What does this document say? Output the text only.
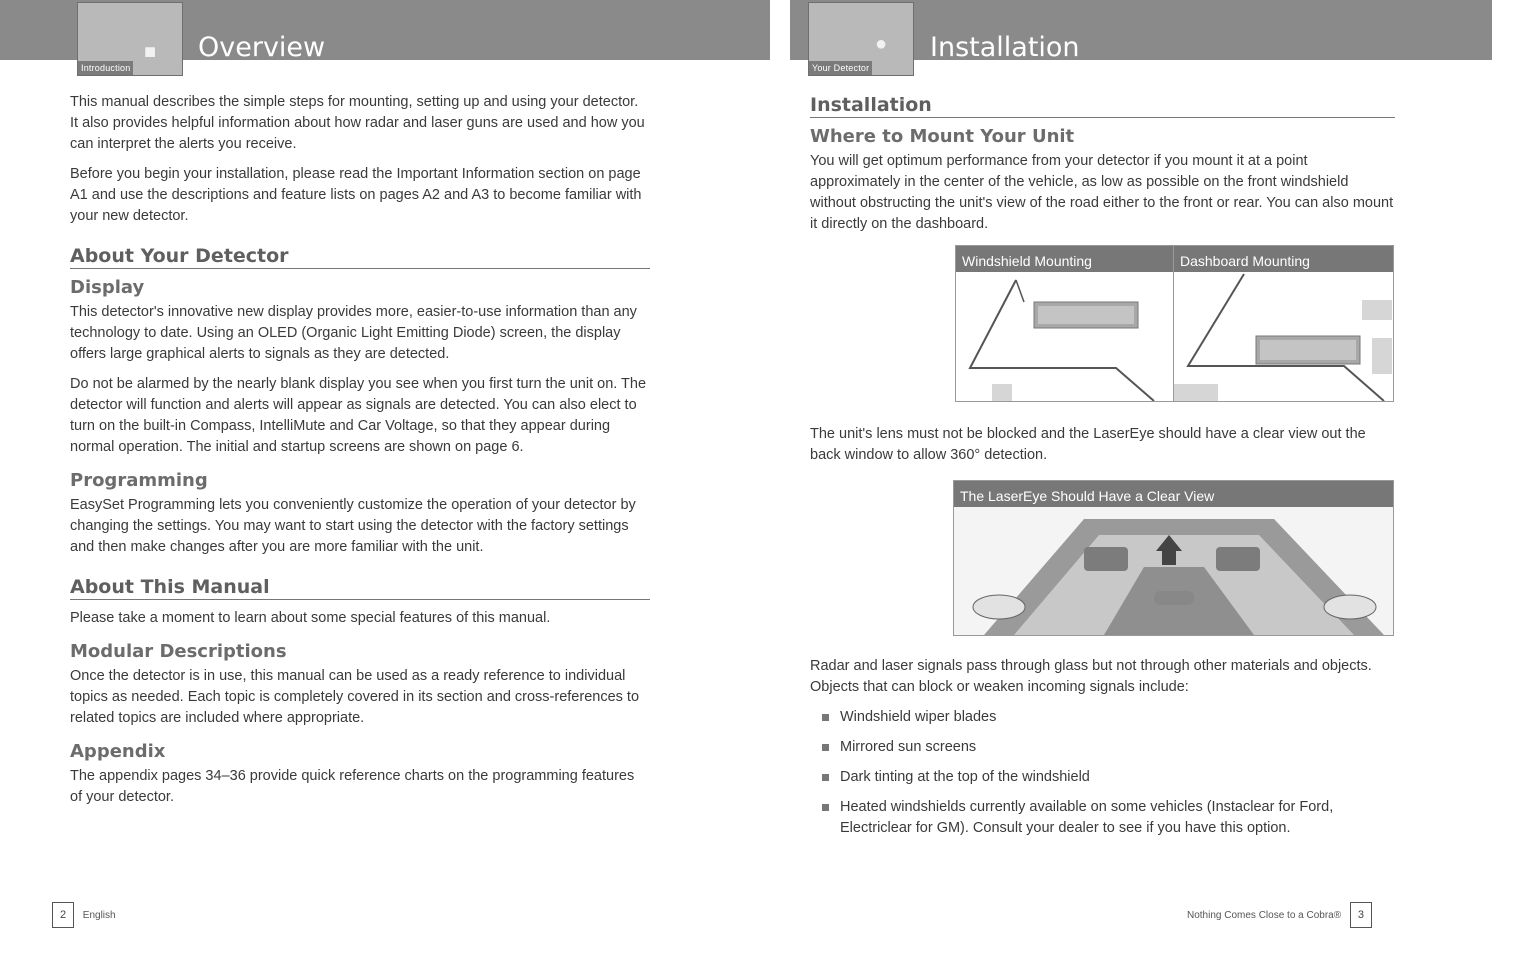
■
Introduction
Overview	●
Your Detector
Installation

This manual describes the simple steps for mounting, setting up and using your detector. It also provides helpful information about how radar and laser guns are used and how you can interpret the alerts you receive.

Before you begin your installation, please read the Important Information section on page A1 and use the descriptions and feature lists on pages A2 and A3 to become familiar with your new detector.

About Your Detector
Display

This detector's innovative new display provides more, easier-to-use information than any technology to date. Using an OLED (Organic Light Emitting Diode) screen, the display offers large graphical alerts to signals as they are detected.

Do not be alarmed by the nearly blank display you see when you first turn the unit on. The detector will function and alerts will appear as signals are detected. You can also elect to turn on the built-in Compass, IntelliMute and Car Voltage, so that they appear during normal operation. The initial and startup screens are shown on page 6.

Programming

EasySet Programming lets you conveniently customize the operation of your detector by changing the settings. You may want to start using the detector with the factory settings and then make changes after you are more familiar with the unit.

About This Manual

Please take a moment to learn about some special features of this manual.

Modular Descriptions

Once the detector is in use, this manual can be used as a ready reference to individual topics as needed. Each topic is completely covered in its section and cross-references to related topics are included where appropriate.

Appendix

The appendix pages 34–36 provide quick reference charts on the programming features of your detector.

2 English
Installation
Where to Mount Your Unit

You will get optimum performance from your detector if you mount it at a point approximately in the center of the vehicle, as low as possible on the front windshield without obstructing the unit's view of the road either to the front or rear. You can also mount it directly on the dashboard.

Windshield Mounting	Dashboard Mounting

The unit's lens must not be blocked and the LaserEye should have a clear view out the back window to allow 360° detection.

The LaserEye Should Have a Clear View

Radar and laser signals pass through glass but not through other materials and objects. Objects that can block or weaken incoming signals include:

Windshield wiper blades
Mirrored sun screens
Dark tinting at the top of the windshield
Heated windshields currently available on some vehicles (Instaclear for Ford, Electriclear for GM). Consult your dealer to see if you have this option.
Nothing Comes Close to a Cobra® 3
